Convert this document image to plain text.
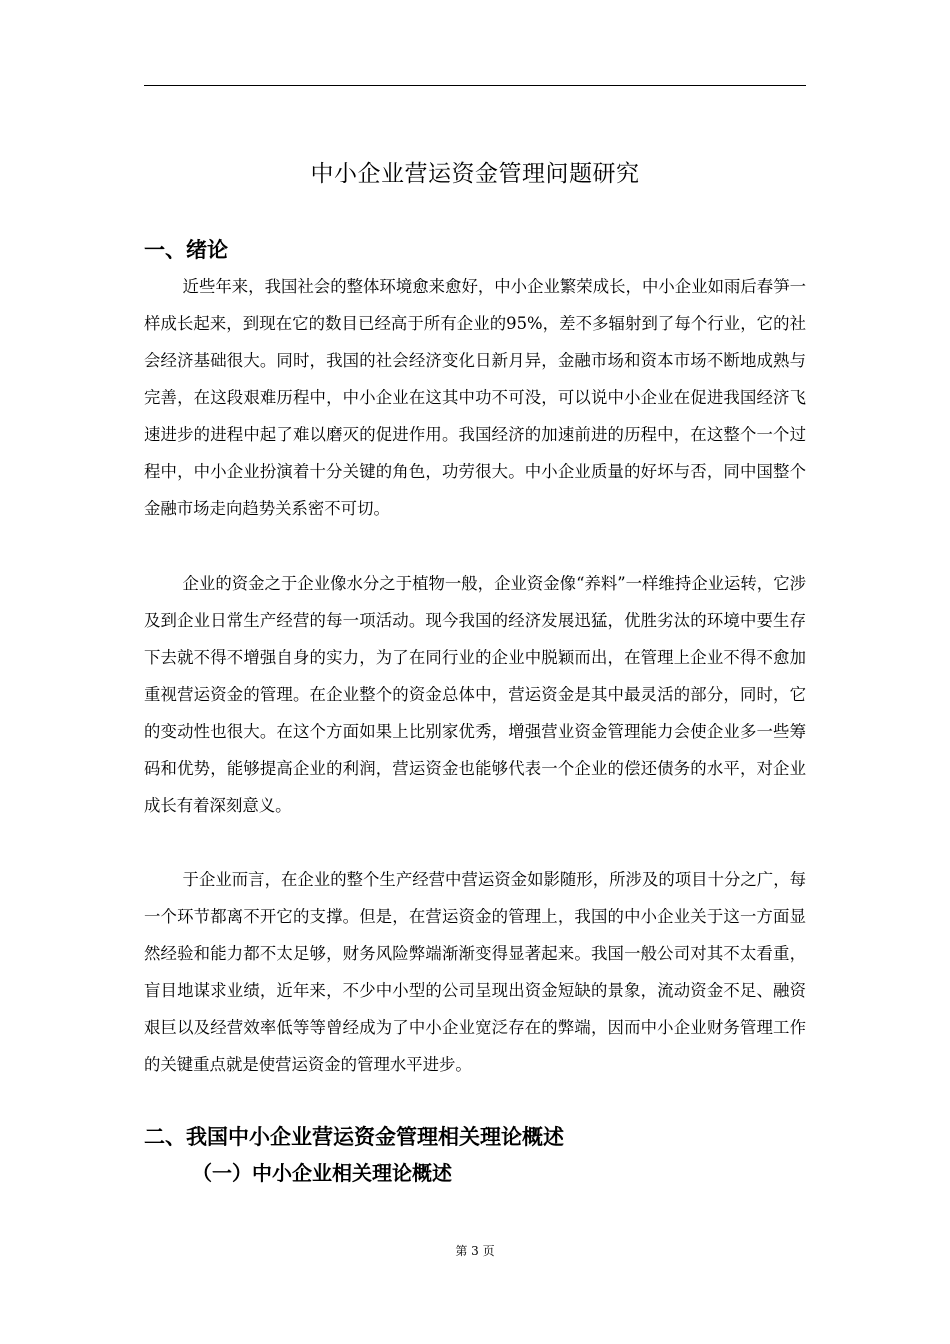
中小企业营运资金管理问题研究
一、绪论

近些年来，我国社会的整体环境愈来愈好，中小企业繁荣成长，中小企业如雨后春笋一样成长起来，到现在它的数目已经高于所有企业的95%，差不多辐射到了每个行业，它的社会经济基础很大。同时，我国的社会经济变化日新月异，金融市场和资本市场不断地成熟与完善，在这段艰难历程中，中小企业在这其中功不可没，可以说中小企业在促进我国经济飞速进步的进程中起了难以磨灭的促进作用。我国经济的加速前进的历程中，在这整个一个过程中，中小企业扮演着十分关键的角色，功劳很大。中小企业质量的好坏与否，同中国整个金融市场走向趋势关系密不可切。

企业的资金之于企业像水分之于植物一般，企业资金像“养料”一样维持企业运转，它涉及到企业日常生产经营的每一项活动。现今我国的经济发展迅猛，优胜劣汰的环境中要生存下去就不得不增强自身的实力，为了在同行业的企业中脱颖而出，在管理上企业不得不愈加重视营运资金的管理。在企业整个的资金总体中，营运资金是其中最灵活的部分，同时，它的变动性也很大。在这个方面如果上比别家优秀，增强营业资金管理能力会使企业多一些筹码和优势，能够提高企业的利润，营运资金也能够代表一个企业的偿还债务的水平，对企业成长有着深刻意义。

于企业而言，在企业的整个生产经营中营运资金如影随形，所涉及的项目十分之广，每一个环节都离不开它的支撑。但是，在营运资金的管理上，我国的中小企业关于这一方面显然经验和能力都不太足够，财务风险弊端渐渐变得显著起来。我国一般公司对其不太看重，盲目地谋求业绩，近年来，不少中小型的公司呈现出资金短缺的景象，流动资金不足、融资艰巨以及经营效率低等等曾经成为了中小企业宽泛存在的弊端，因而中小企业财务管理工作的关键重点就是使营运资金的管理水平进步。

二、我国中小企业营运资金管理相关理论概述
（一）中小企业相关理论概述
第 3 页
